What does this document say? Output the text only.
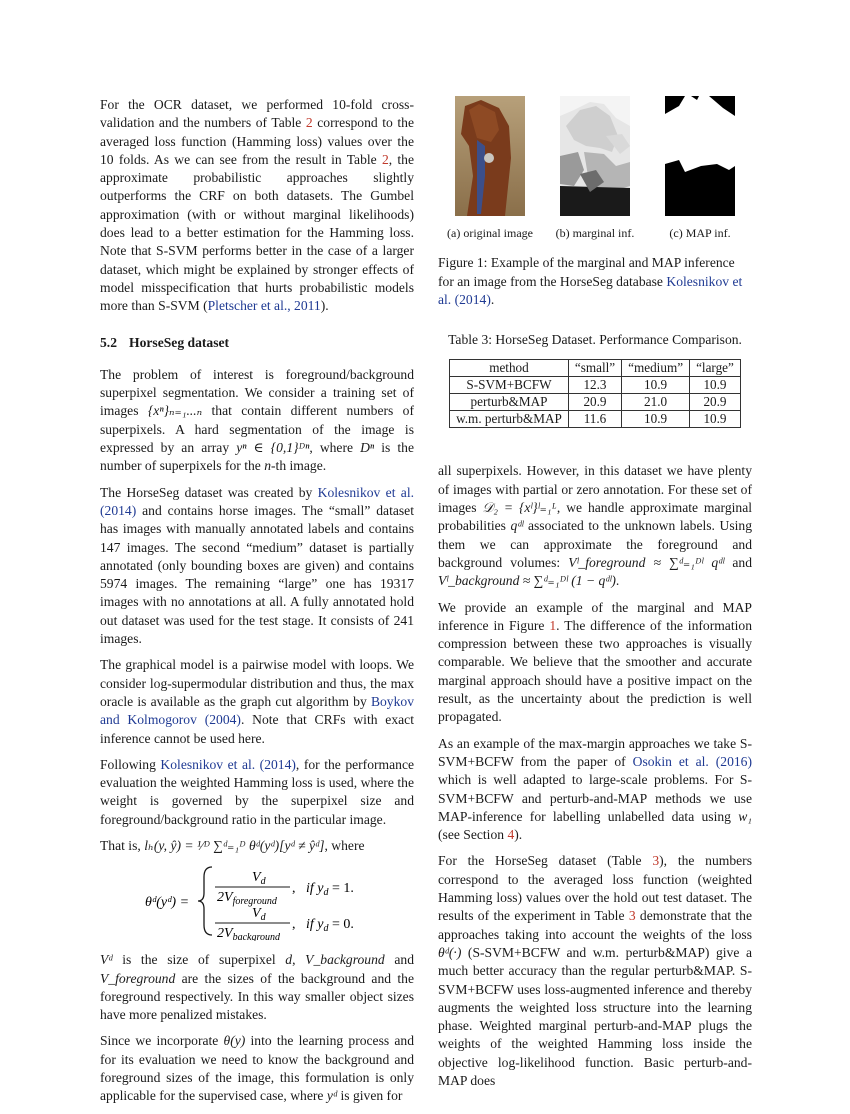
For the OCR dataset, we performed 10-fold cross-validation and the numbers of Table 2 correspond to the averaged loss function (Hamming loss) values over the 10 folds. As we can see from the result in Table 2, the approximate probabilistic approaches slightly outperforms the CRF on both datasets. The Gumbel approximation (with or without marginal likelihoods) does lead to a better estimation for the Hamming loss. Note that S-SVM performs better in the case of a larger dataset, which might be explained by stronger effects of model misspecification that hurts probabilistic models more than S-SVM (Pletscher et al., 2011).

5.2 HorseSeg dataset

The problem of interest is foreground/background superpixel segmentation. We consider a training set of images {xⁿ}ₙ₌₁...ₙ that contain different numbers of superpixels. A hard segmentation of the image is expressed by an array yⁿ ∈ {0,1}ᴰⁿ, where Dⁿ is the number of superpixels for the n-th image.

The HorseSeg dataset was created by Kolesnikov et al. (2014) and contains horse images. The “small” dataset has images with manually annotated labels and contains 147 images. The second “medium” dataset is partially annotated (only bounding boxes are given) and contains 5974 images. The remaining “large” one has 19317 images with no annotations at all. A fully annotated hold out dataset was used for the test stage. It consists of 241 images.

The graphical model is a pairwise model with loops. We consider log-supermodular distribution and thus, the max oracle is available as the graph cut algorithm by Boykov and Kolmogorov (2004). Note that CRFs with exact inference cannot be used here.

Following Kolesnikov et al. (2014), for the performance evaluation the weighted Hamming loss is used, where the weight is governed by the superpixel size and foreground/background ratio in the particular image.

That is, lₕ(y, ŷ) = ¹⁄ᴰ ∑ᵈ₌₁ᴰ θᵈ(yᵈ)[yᵈ ≠ ŷᵈ], where

θᵈ(yᵈ) =
$V_d$
$2V_{foreground}$
, if $y_d = 1$.
$V_d$
$2V_{background}$
, if $y_d = 0$.

Vᵈ is the size of superpixel d, V_background and V_foreground are the sizes of the background and the foreground respectively. In this way smaller object sizes have more penalized mistakes.

Since we incorporate θ(y) into the learning process and for its evaluation we need to know the background and foreground sizes of the image, this formulation is only applicable for the supervised case, where yᵈ is given for

(a) original image	(b) marginal inf.	(c) MAP inf.

Figure 1: Example of the marginal and MAP inference for an image from the HorseSeg database Kolesnikov et al. (2014).

Table 3: HorseSeg Dataset. Performance Comparison.
method	“small”	“medium”	“large”
S-SVM+BCFW	12.3	10.9	10.9
perturb&MAP	20.9	21.0	20.9
w.m. perturb&MAP	11.6	10.9	10.9

all superpixels. However, in this dataset we have plenty of images with partial or zero annotation. For these set of images 𝒟₂ = {xˡ}ˡ₌₁ᴸ, we handle approximate marginal probabilities qᵈˡ associated to the unknown labels. Using them we can approximate the foreground and background volumes: Vˡ_foreground ≈ ∑ᵈ₌₁ᴰˡ qᵈˡ and Vˡ_background ≈ ∑ᵈ₌₁ᴰˡ (1 − qᵈˡ).

We provide an example of the marginal and MAP inference in Figure 1. The difference of the information compression between these two approaches is visually comparable. We believe that the smoother and accurate marginal approach should have a positive impact on the result, as the uncertainty about the prediction is well propagated.

As an example of the max-margin approaches we take S-SVM+BCFW from the paper of Osokin et al. (2016) which is well adapted to large-scale problems. For S-SVM+BCFW and perturb-and-MAP methods we use MAP-inference for labelling unlabelled data using w₁ (see Section 4).

For the HorseSeg dataset (Table 3), the numbers correspond to the averaged loss function (weighted Hamming loss) values over the hold out test dataset. The results of the experiment in Table 3 demonstrate that the approaches taking into account the weights of the loss θᵈ(·) (S-SVM+BCFW and w.m. perturb&MAP) give a much better accuracy than the regular perturb&MAP. S-SVM+BCFW uses loss-augmented inference and thereby augments the weighted loss structure into the learning phase. Weighted marginal perturb-and-MAP plugs the weights of the weighted Hamming loss inside the objective log-likelihood function. Basic perturb-and-MAP does
